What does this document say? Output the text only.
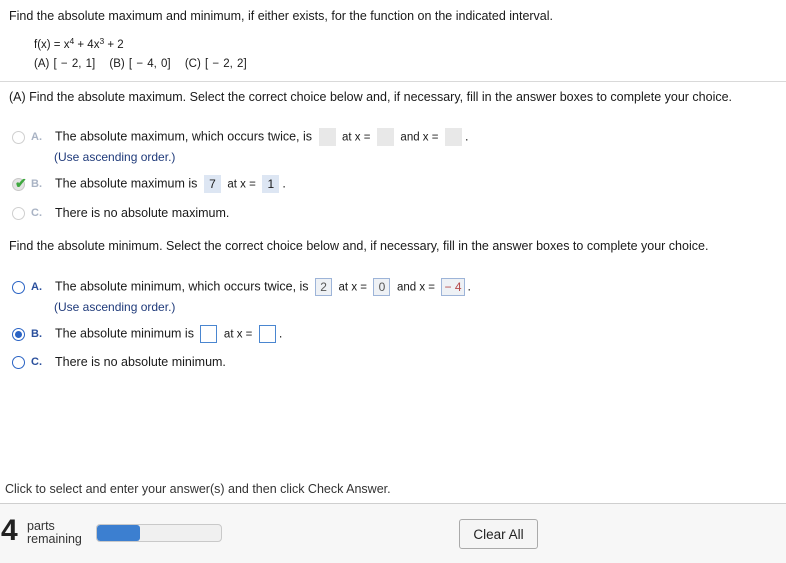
Find the absolute maximum and minimum, if either exists, for the function on the indicated interval.
$f(x) = x^4 + 4x^3 + 2$
(A) [ − 2, 1] (B) [ − 4, 0] (C) [ − 2, 2]
(A) Find the absolute maximum. Select the correct choice below and, if necessary, fill in the answer boxes to complete your choice.
A.	The absolute maximum, which occurs twice, is	at x =	and x = .
(Use ascending order.)
✔ B.	The absolute maximum is 7 at x = 1 .
C.	There is no absolute maximum.
Find the absolute minimum. Select the correct choice below and, if necessary, fill in the answer boxes to complete your choice.
A.	The absolute minimum, which occurs twice, is 2 at x = 0 and x = − 4 .
(Use ascending order.)
B.	The absolute minimum is	at x = .
C.	There is no absolute minimum.
Click to select and enter your answer(s) and then click Check Answer.
4 parts
remaining	Clear All
